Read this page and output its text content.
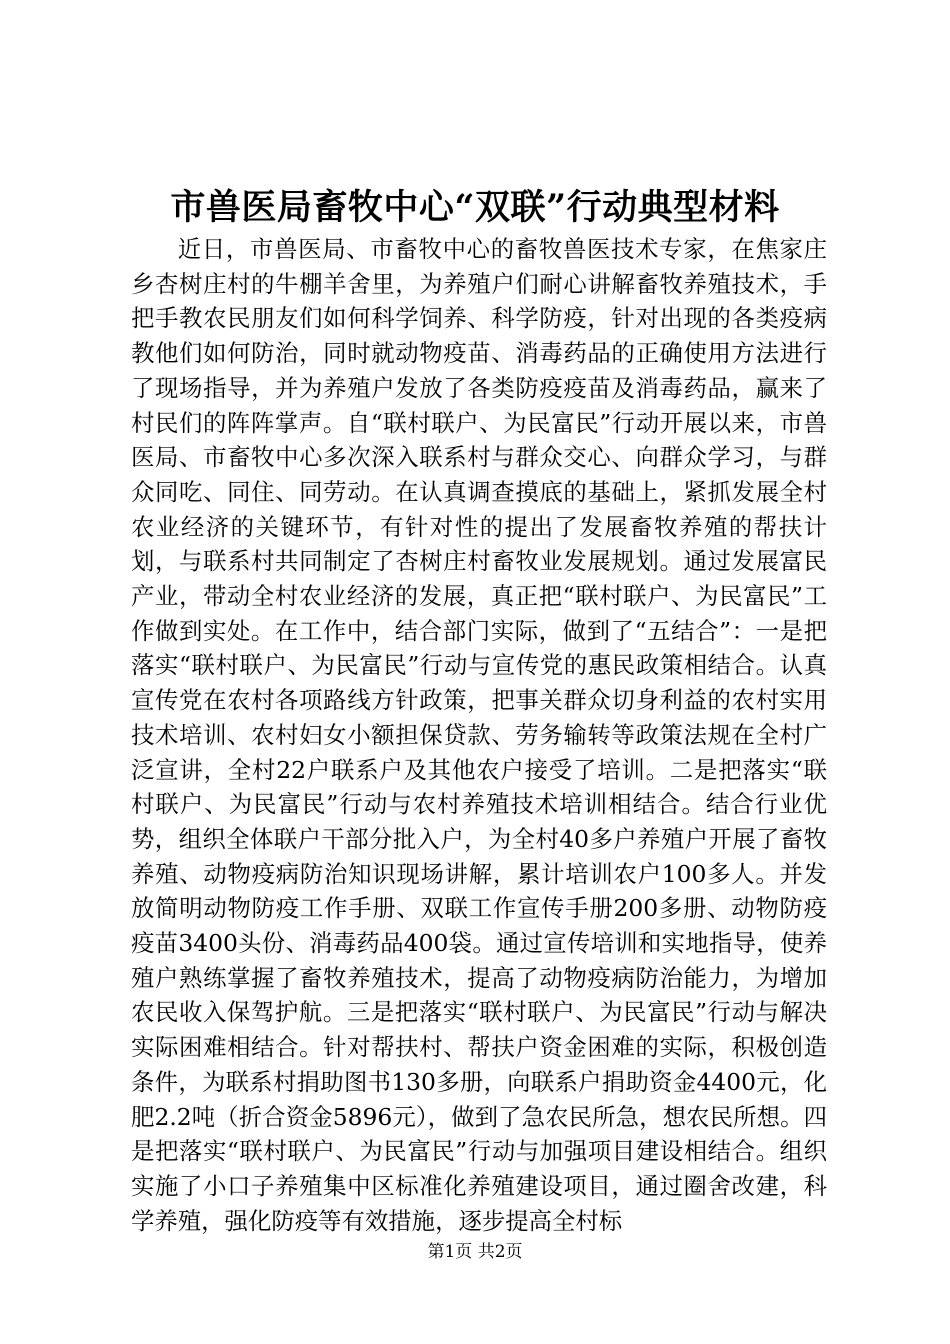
市兽医局畜牧中心“双联”行动典型材料

近日，市兽医局、市畜牧中心的畜牧兽医技术专家，在焦家庄乡杏树庄村的牛棚羊舍里，为养殖户们耐心讲解畜牧养殖技术，手把手教农民朋友们如何科学饲养、科学防疫，针对出现的各类疫病教他们如何防治，同时就动物疫苗、消毒药品的正确使用方法进行了现场指导，并为养殖户发放了各类防疫疫苗及消毒药品，赢来了村民们的阵阵掌声。自“联村联户、为民富民”行动开展以来，市兽医局、市畜牧中心多次深入联系村与群众交心、向群众学习，与群众同吃、同住、同劳动。在认真调查摸底的基础上，紧抓发展全村农业经济的关键环节，有针对性的提出了发展畜牧养殖的帮扶计划，与联系村共同制定了杏树庄村畜牧业发展规划。通过发展富民产业，带动全村农业经济的发展，真正把“联村联户、为民富民”工作做到实处。在工作中，结合部门实际，做到了“五结合”：一是把落实“联村联户、为民富民”行动与宣传党的惠民政策相结合。认真宣传党在农村各项路线方针政策，把事关群众切身利益的农村实用技术培训、农村妇女小额担保贷款、劳务输转等政策法规在全村广泛宣讲，全村22户联系户及其他农户接受了培训。二是把落实“联村联户、为民富民”行动与农村养殖技术培训相结合。结合行业优势，组织全体联户干部分批入户，为全村40多户养殖户开展了畜牧养殖、动物疫病防治知识现场讲解，累计培训农户100多人。并发放简明动物防疫工作手册、双联工作宣传手册200多册、动物防疫疫苗3400头份、消毒药品400袋。通过宣传培训和实地指导，使养殖户熟练掌握了畜牧养殖技术，提高了动物疫病防治能力，为增加农民收入保驾护航。三是把落实“联村联户、为民富民”行动与解决实际困难相结合。针对帮扶村、帮扶户资金困难的实际，积极创造条件，为联系村捐助图书130多册，向联系户捐助资金4400元，化肥2.2吨（折合资金5896元），做到了急农民所急，想农民所想。四是把落实“联村联户、为民富民”行动与加强项目建设相结合。组织实施了小口子养殖集中区标准化养殖建设项目，通过圈舍改建，科学养殖，强化防疫等有效措施，逐步提高全村标

第1页 共2页
